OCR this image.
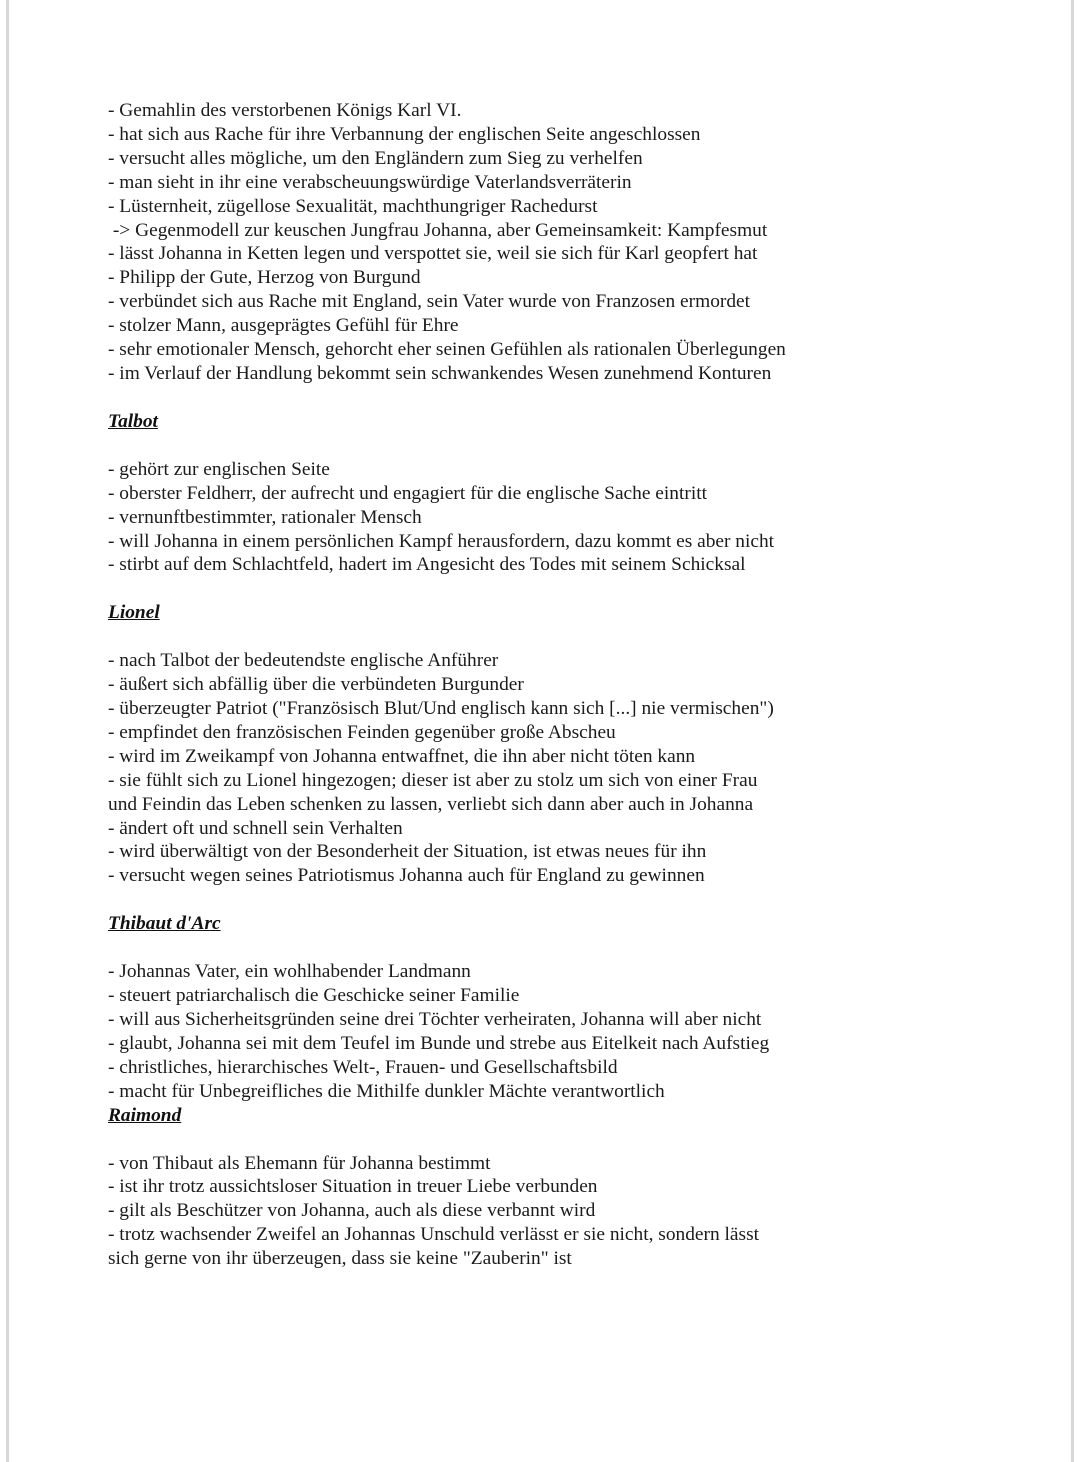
- Gemahlin des verstorbenen Königs Karl VI.
- hat sich aus Rache für ihre Verbannung der englischen Seite angeschlossen
- versucht alles mögliche, um den Engländern zum Sieg zu verhelfen
- man sieht in ihr eine verabscheuungswürdige Vaterlandsverräterin
- Lüsternheit, zügellose Sexualität, machthungriger Rachedurst
-> Gegenmodell zur keuschen Jungfrau Johanna, aber Gemeinsamkeit: Kampfesmut
- lässt Johanna in Ketten legen und verspottet sie, weil sie sich für Karl geopfert hat
- Philipp der Gute, Herzog von Burgund
- verbündet sich aus Rache mit England, sein Vater wurde von Franzosen ermordet
- stolzer Mann, ausgeprägtes Gefühl für Ehre
- sehr emotionaler Mensch, gehorcht eher seinen Gefühlen als rationalen Überlegungen
- im Verlauf der Handlung bekommt sein schwankendes Wesen zunehmend Konturen
Talbot
- gehört zur englischen Seite
- oberster Feldherr, der aufrecht und engagiert für die englische Sache eintritt
- vernunftbestimmter, rationaler Mensch
- will Johanna in einem persönlichen Kampf herausfordern, dazu kommt es aber nicht
- stirbt auf dem Schlachtfeld, hadert im Angesicht des Todes mit seinem Schicksal
Lionel
- nach Talbot der bedeutendste englische Anführer
- äußert sich abfällig über die verbündeten Burgunder
- überzeugter Patriot ("Französisch Blut/Und englisch kann sich [...] nie vermischen")
- empfindet den französischen Feinden gegenüber große Abscheu
- wird im Zweikampf von Johanna entwaffnet, die ihn aber nicht töten kann
- sie fühlt sich zu Lionel hingezogen; dieser ist aber zu stolz um sich von einer Frau
und Feindin das Leben schenken zu lassen, verliebt sich dann aber auch in Johanna
- ändert oft und schnell sein Verhalten
- wird überwältigt von der Besonderheit der Situation, ist etwas neues für ihn
- versucht wegen seines Patriotismus Johanna auch für England zu gewinnen
Thibaut d'Arc
- Johannas Vater, ein wohlhabender Landmann
- steuert patriarchalisch die Geschicke seiner Familie
- will aus Sicherheitsgründen seine drei Töchter verheiraten, Johanna will aber nicht
- glaubt, Johanna sei mit dem Teufel im Bunde und strebe aus Eitelkeit nach Aufstieg
- christliches, hierarchisches Welt-, Frauen- und Gesellschaftsbild
- macht für Unbegreifliches die Mithilfe dunkler Mächte verantwortlich
Raimond
- von Thibaut als Ehemann für Johanna bestimmt
- ist ihr trotz aussichtsloser Situation in treuer Liebe verbunden
- gilt als Beschützer von Johanna, auch als diese verbannt wird
- trotz wachsender Zweifel an Johannas Unschuld verlässt er sie nicht, sondern lässt
sich gerne von ihr überzeugen, dass sie keine "Zauberin" ist
